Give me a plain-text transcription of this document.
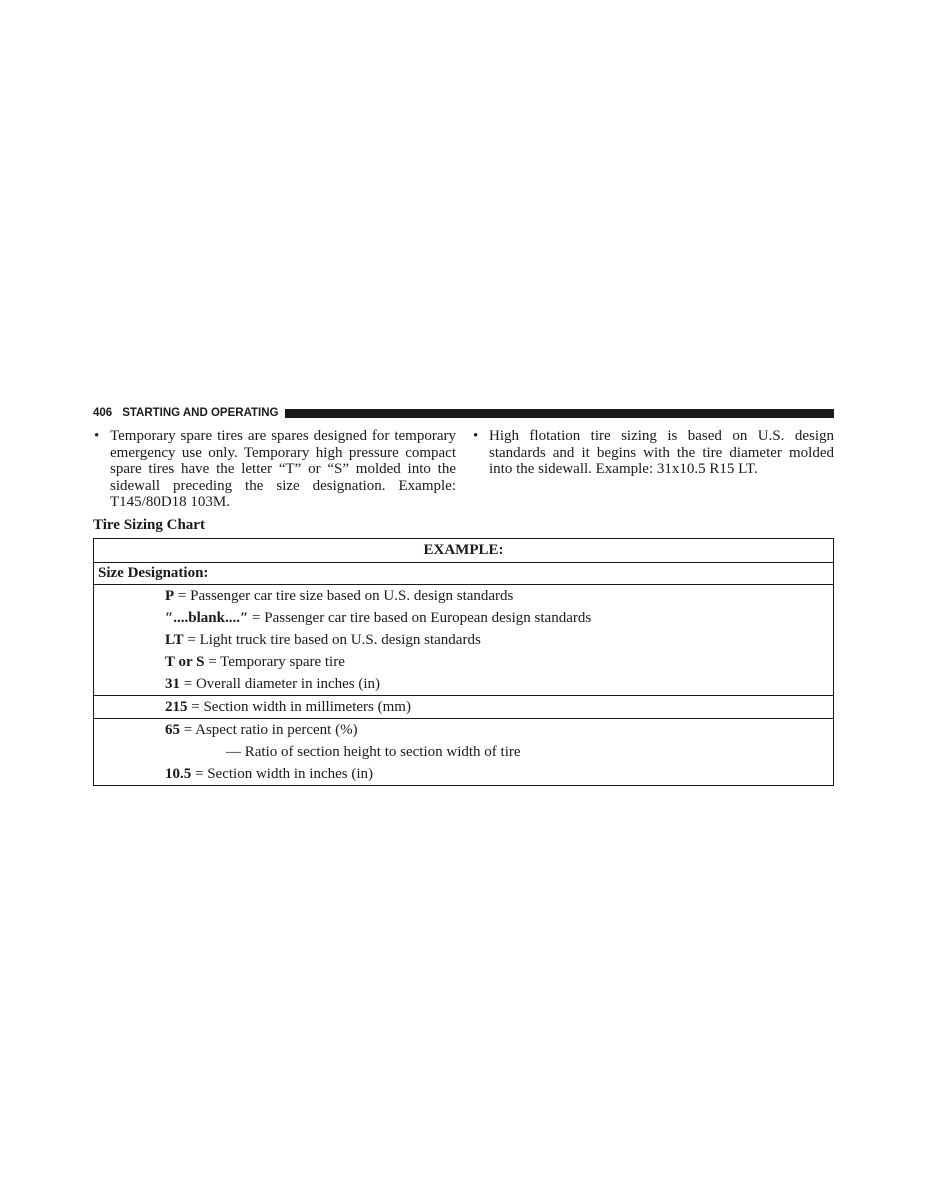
406 STARTING AND OPERATING
• Temporary spare tires are spares designed for temporary emergency use only. Temporary high pressure compact spare tires have the letter “T” or “S” molded into the sidewall preceding the size designation. Example: T145/80D18 103M.
• High flotation tire sizing is based on U.S. design standards and it begins with the tire diameter molded into the sidewall. Example: 31x10.5 R15 LT.
Tire Sizing Chart
EXAMPLE:
Size Designation:
P = Passenger car tire size based on U.S. design standards
″....blank....″ = Passenger car tire based on European design standards
LT = Light truck tire based on U.S. design standards
T or S = Temporary spare tire
31 = Overall diameter in inches (in)
215 = Section width in millimeters (mm)
65 = Aspect ratio in percent (%)
— Ratio of section height to section width of tire
10.5 = Section width in inches (in)
